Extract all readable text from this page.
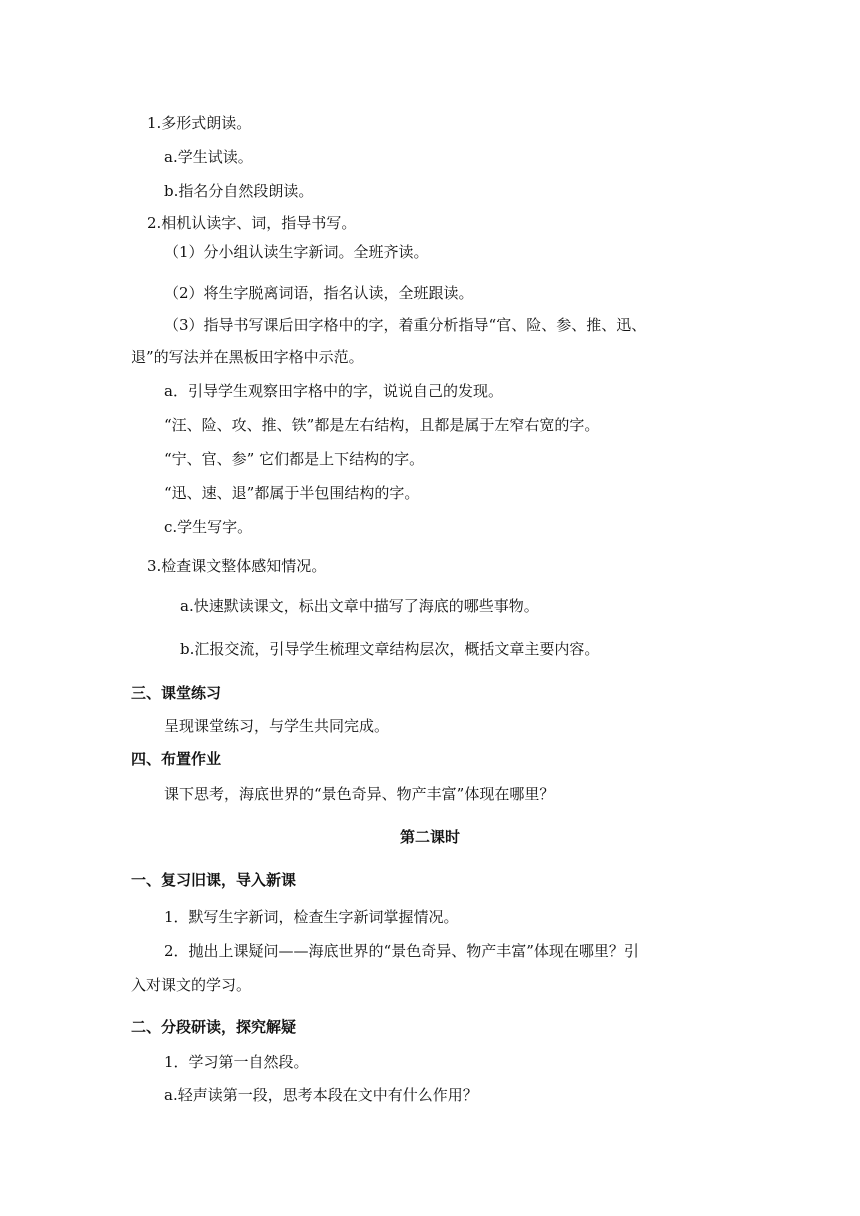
1.多形式朗读。
a.学生试读。
b.指名分自然段朗读。
2.相机认读字、词，指导书写。
（1）分小组认读生字新词。全班齐读。
（2）将生字脱离词语，指名认读，全班跟读。
（3）指导书写课后田字格中的字，着重分析指导“官、险、参、推、迅、
退”的写法并在黑板田字格中示范。
a．引导学生观察田字格中的字，说说自己的发现。
“汪、险、攻、推、铁”都是左右结构，且都是属于左窄右宽的字。
“宁、官、参” 它们都是上下结构的字。
“迅、速、退”都属于半包围结构的字。
c.学生写字。
3.检查课文整体感知情况。
a.快速默读课文，标出文章中描写了海底的哪些事物。
b.汇报交流，引导学生梳理文章结构层次，概括文章主要内容。
三、课堂练习
呈现课堂练习，与学生共同完成。
四、布置作业
课下思考，海底世界的“景色奇异、物产丰富”体现在哪里？
第二课时
一、复习旧课，导入新课
1．默写生字新词，检查生字新词掌握情况。
2．抛出上课疑问——海底世界的“景色奇异、物产丰富”体现在哪里？引
入对课文的学习。
二、分段研读，探究解疑
1．学习第一自然段。
a.轻声读第一段，思考本段在文中有什么作用？
